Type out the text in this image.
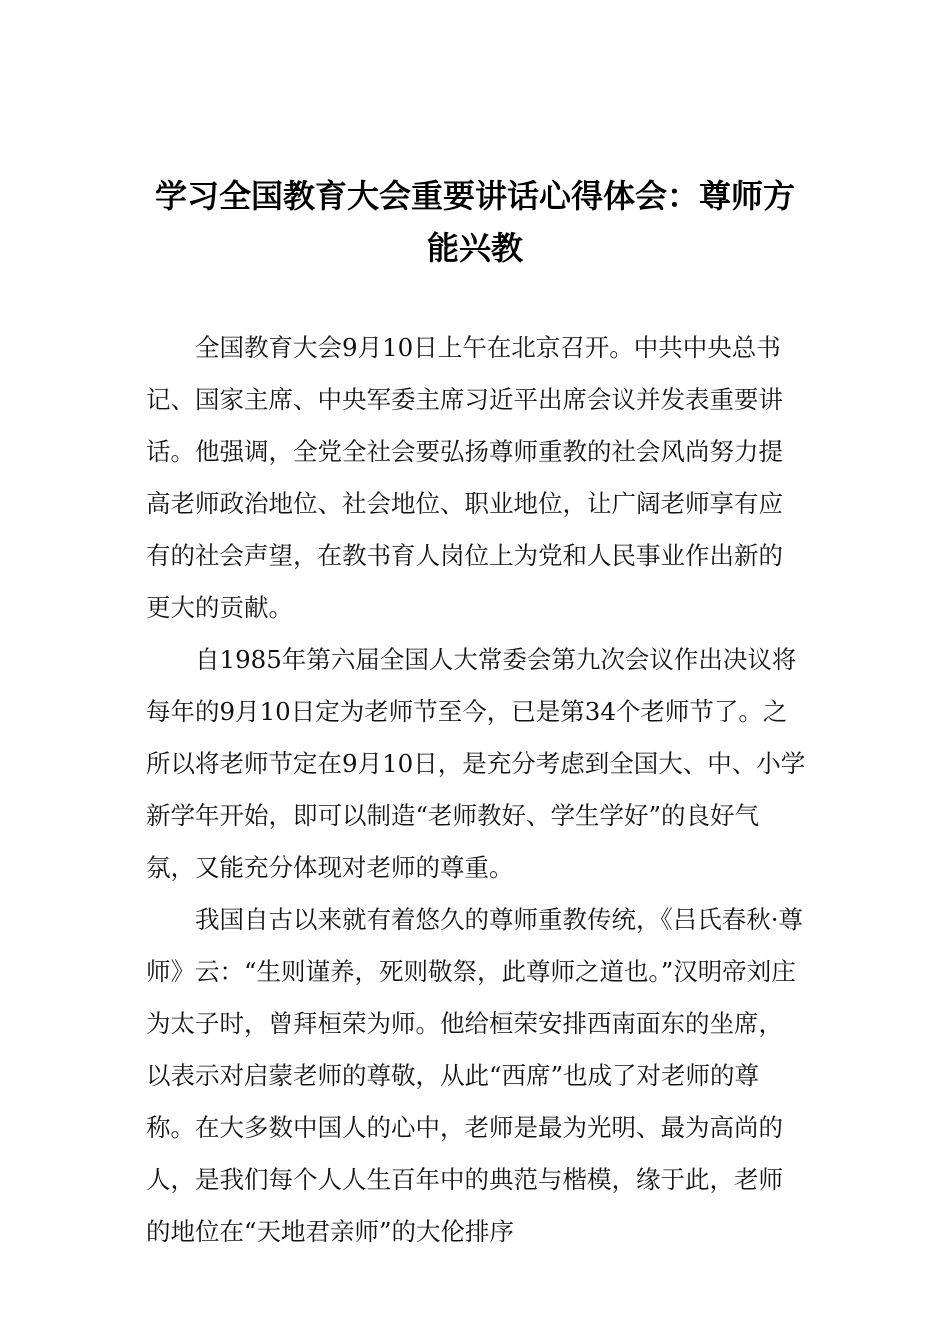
学习全国教育大会重要讲话心得体会：尊师方能兴教

全国教育大会9月10日上午在北京召开。中共中央总书记、国家主席、中央军委主席习近平出席会议并发表重要讲话。他强调，全党全社会要弘扬尊师重教的社会风尚努力提高老师政治地位、社会地位、职业地位，让广阔老师享有应有的社会声望，在教书育人岗位上为党和人民事业作出新的更大的贡献。

自1985年第六届全国人大常委会第九次会议作出决议将每年的9月10日定为老师节至今，已是第34个老师节了。之所以将老师节定在9月10日，是充分考虑到全国大、中、小学新学年开始，即可以制造“老师教好、学生学好”的良好气氛，又能充分体现对老师的尊重。

我国自古以来就有着悠久的尊师重教传统，《吕氏春秋·尊师》云：“生则谨养，死则敬祭，此尊师之道也。”汉明帝刘庄为太子时，曾拜桓荣为师。他给桓荣安排西南面东的坐席，以表示对启蒙老师的尊敬，从此“西席”也成了对老师的尊称。在大多数中国人的心中，老师是最为光明、最为高尚的人，是我们每个人人生百年中的典范与楷模，缘于此，老师的地位在“天地君亲师”的大伦排序
